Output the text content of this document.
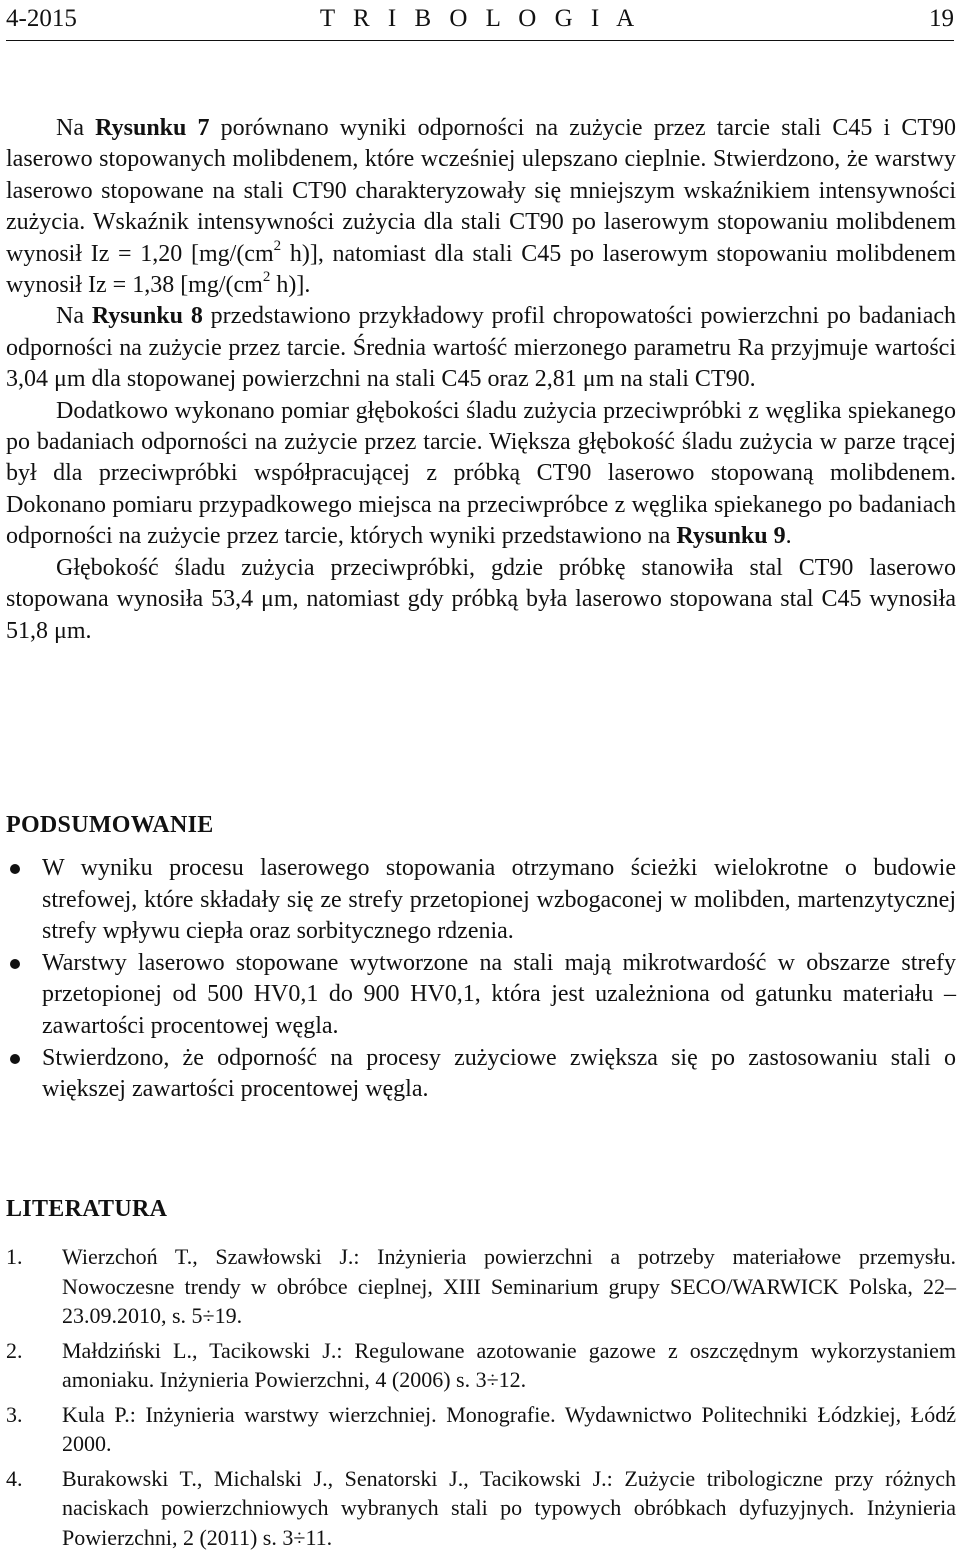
4-2015	T R I B O L O G I A	19

Na Rysunku 7 porównano wyniki odporności na zużycie przez tarcie stali C45 i CT90 laserowo stopowanych molibdenem, które wcześniej ulepszano cieplnie. Stwierdzono, że warstwy laserowo stopowane na stali CT90 charakteryzowały się mniejszym wskaźnikiem intensywności zużycia. Wskaźnik intensywności zużycia dla stali CT90 po laserowym stopowaniu molibdenem wynosił Iz = 1,20 [$mg/(cm^2$ h)], natomiast dla stali C45 po laserowym stopowaniu molibdenem wynosił Iz = 1,38 [$mg/(cm^2$ h)].

Na Rysunku 8 przedstawiono przykładowy profil chropowatości powierzchni po badaniach odporności na zużycie przez tarcie. Średnia wartość mierzonego parametru Ra przyjmuje wartości 3,04 μm dla stopowanej powierzchni na stali C45 oraz 2,81 μm na stali CT90.

Dodatkowo wykonano pomiar głębokości śladu zużycia przeciwpróbki z węglika spiekanego po badaniach odporności na zużycie przez tarcie. Większa głębokość śladu zużycia w parze trącej był dla przeciwpróbki współpracującej z próbką CT90 laserowo stopowaną molibdenem. Dokonano pomiaru przypadkowego miejsca na przeciwpróbce z węglika spiekanego po badaniach odporności na zużycie przez tarcie, których wyniki przedstawiono na Rysunku 9.

Głębokość śladu zużycia przeciwpróbki, gdzie próbkę stanowiła stal CT90 laserowo stopowana wynosiła 53,4 μm, natomiast gdy próbką była laserowo stopowana stal C45 wynosiła 51,8 μm.

PODSUMOWANIE
W wyniku procesu laserowego stopowania otrzymano ścieżki wielokrotne o budowie strefowej, które składały się ze strefy przetopionej wzbogaconej w molibden, martenzytycznej strefy wpływu ciepła oraz sorbitycznego rdzenia.
Warstwy laserowo stopowane wytworzone na stali mają mikrotwardość w obszarze strefy przetopionej od 500 HV0,1 do 900 HV0,1, która jest uzależniona od gatunku materiału – zawartości procentowej węgla.
Stwierdzono, że odporność na procesy zużyciowe zwiększa się po zastosowaniu stali o większej zawartości procentowej węgla.
LITERATURA
1. Wierzchoń T., Szawłowski J.: Inżynieria powierzchni a potrzeby materiałowe przemysłu. Nowoczesne trendy w obróbce cieplnej, XIII Seminarium grupy SECO/WARWICK Polska, 22–23.09.2010, s. 5÷19.
2. Małdziński L., Tacikowski J.: Regulowane azotowanie gazowe z oszczędnym wykorzystaniem amoniaku. Inżynieria Powierzchni, 4 (2006) s. 3÷12.
3. Kula P.: Inżynieria warstwy wierzchniej. Monografie. Wydawnictwo Politechniki Łódzkiej, Łódź 2000.
4. Burakowski T., Michalski J., Senatorski J., Tacikowski J.: Zużycie tribologiczne przy różnych naciskach powierzchniowych wybranych stali po typowych obróbkach dyfuzyjnych. Inżynieria Powierzchni, 2 (2011) s. 3÷11.
